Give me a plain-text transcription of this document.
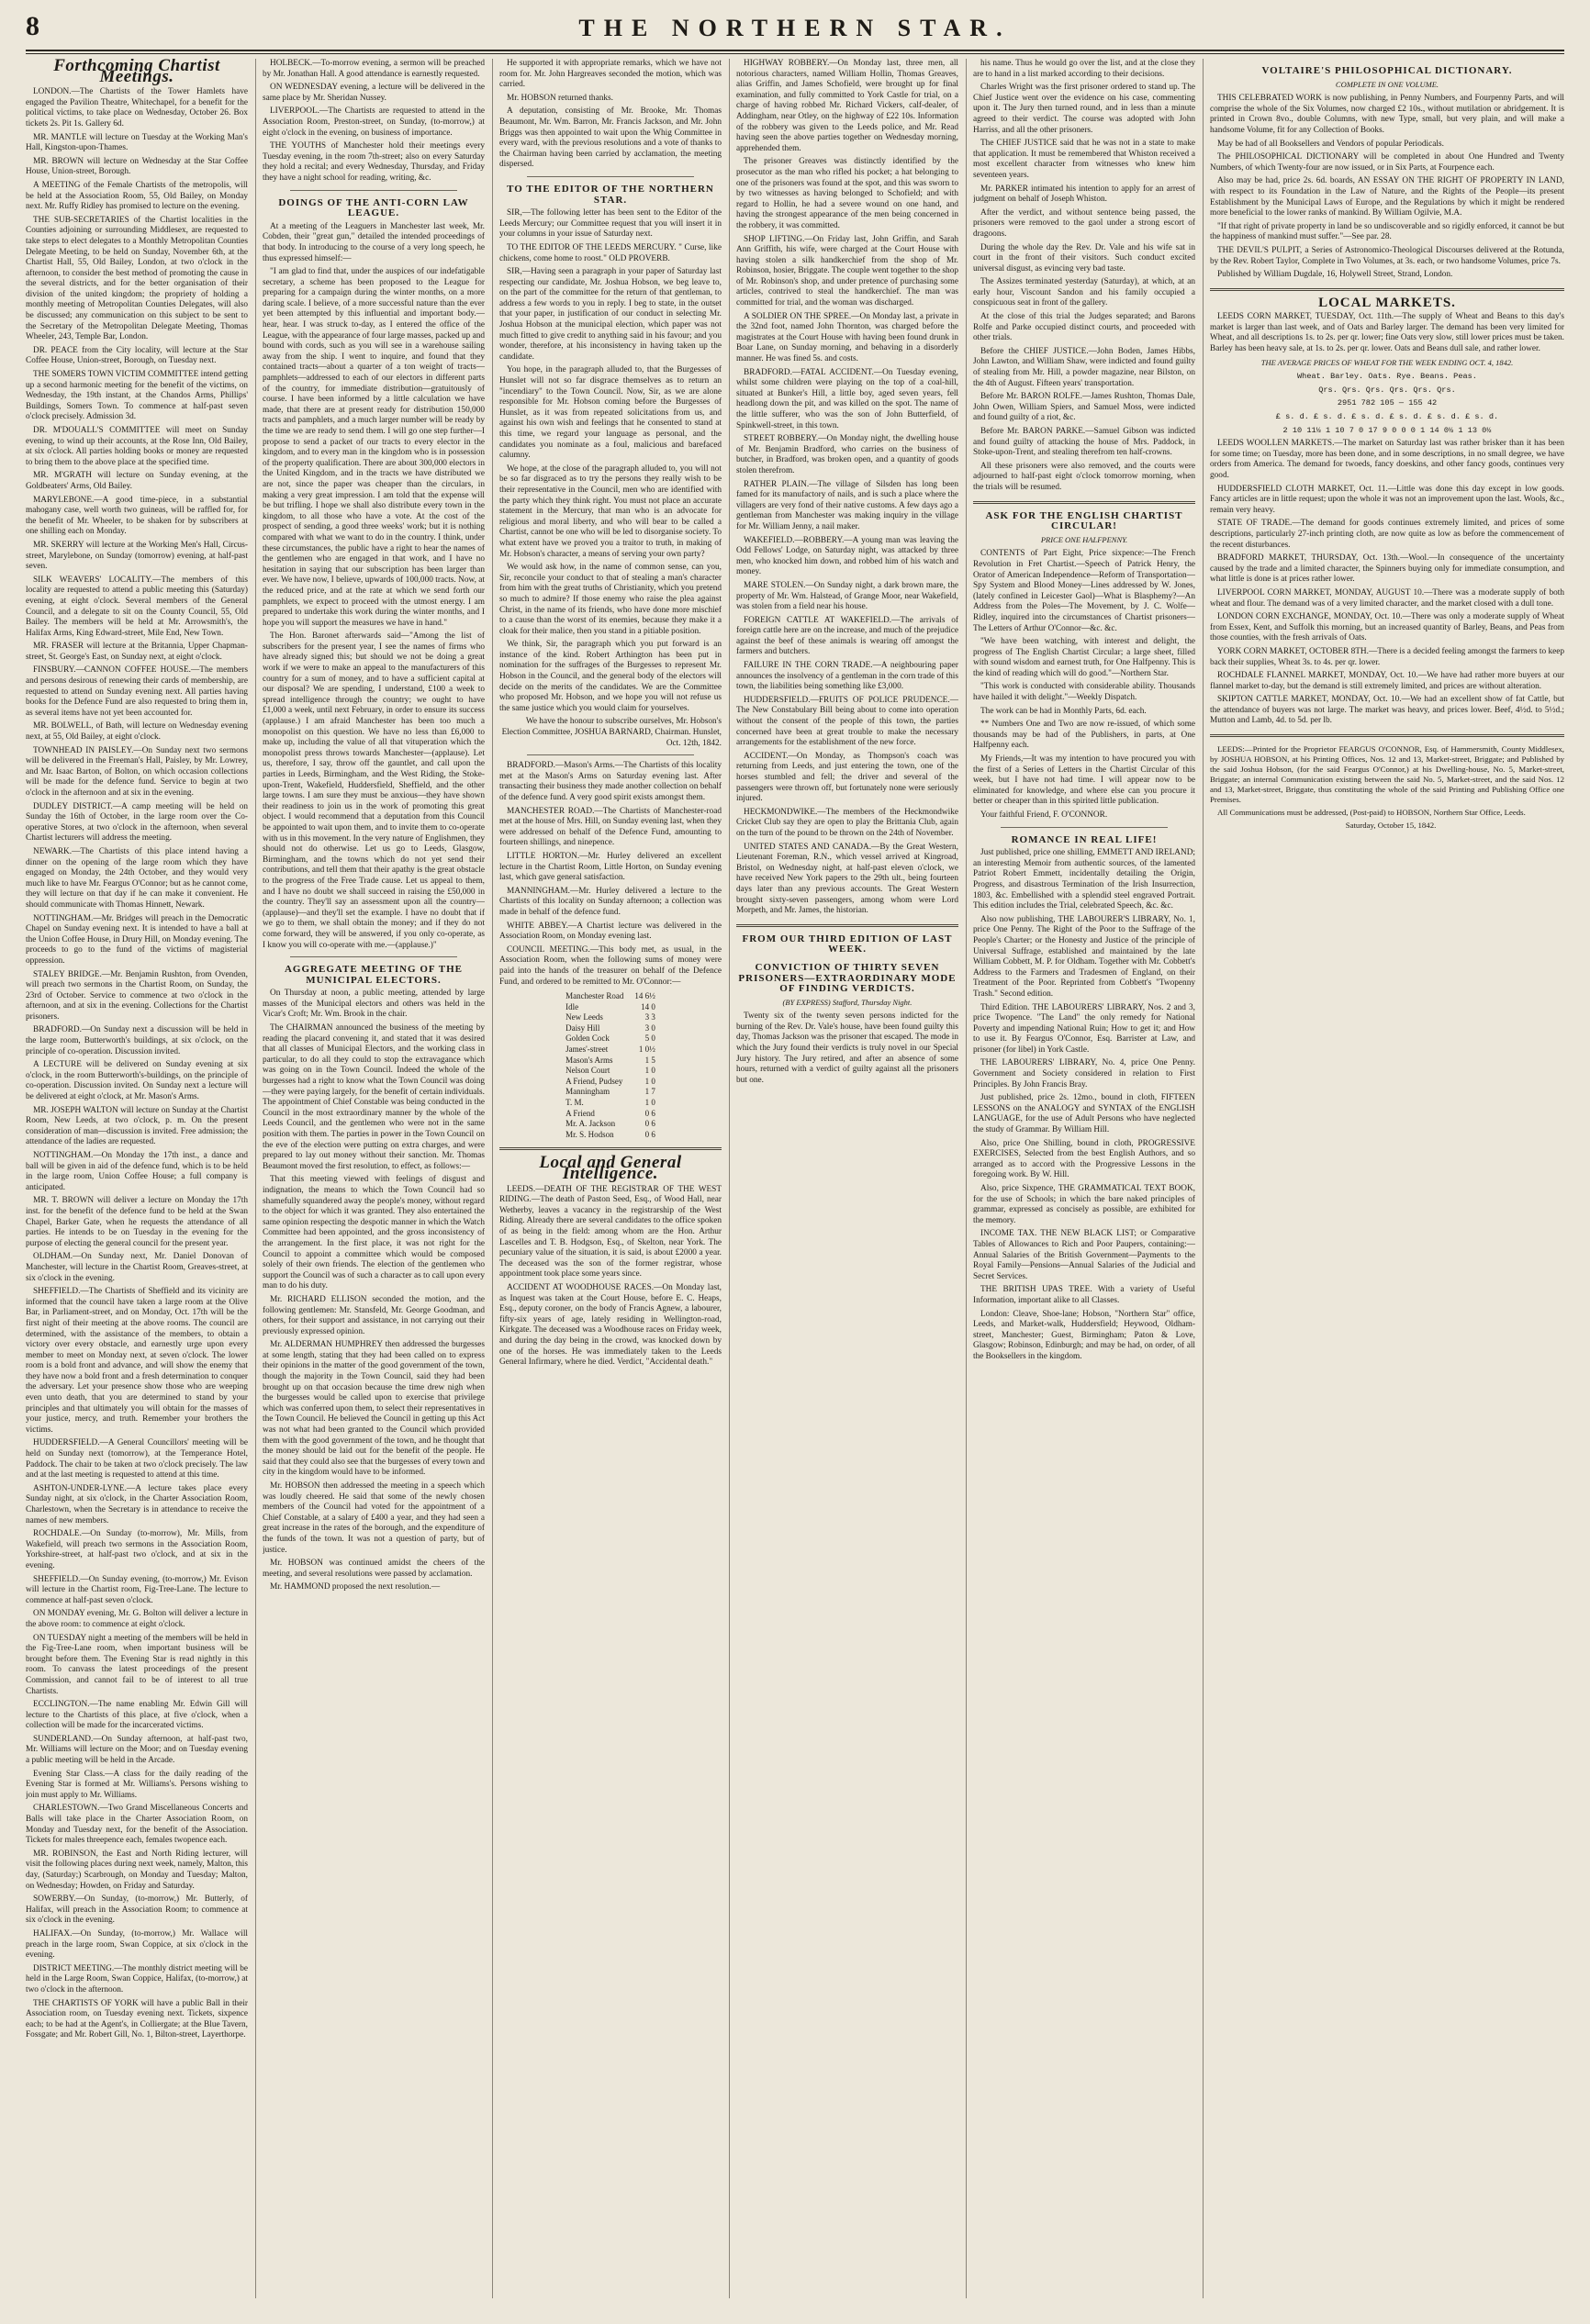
8	THE NORTHERN STAR.
Forthcoming Chartist Meetings.

LONDON.—The Chartists of the Tower Hamlets have engaged the Pavilion Theatre, Whitechapel, for a benefit for the political victims, to take place on Wednesday, October 26. Box tickets 2s. Pit 1s. Gallery 6d.

MR. MANTLE will lecture on Tuesday at the Working Man's Hall, Kingston-upon-Thames.

MR. BROWN will lecture on Wednesday at the Star Coffee House, Union-street, Borough.

A MEETING of the Female Chartists of the metropolis, will be held at the Association Room, 55, Old Bailey, on Monday next. Mr. Ruffy Ridley has promised to lecture on the evening.

THE SUB-SECRETARIES of the Chartist localities in the Counties adjoining or surrounding Middlesex, are requested to take steps to elect delegates to a Monthly Metropolitan Counties Delegate Meeting, to be held on Sunday, November 6th, at the Chartist Hall, 55, Old Bailey, London, at two o'clock in the afternoon, to consider the best method of promoting the cause in the several districts, and for the better organisation of their division of the united kingdom; the propriety of holding a monthly meeting of Metropolitan Counties Delegates, will also be discussed; any communication on this subject to be sent to the Secretary of the Metropolitan Delegate Meeting, Thomas Wheeler, 243, Temple Bar, London.

DR. PEACE from the City locality, will lecture at the Star Coffee House, Union-street, Borough, on Tuesday next.

THE SOMERS TOWN VICTIM COMMITTEE intend getting up a second harmonic meeting for the benefit of the victims, on Wednesday, the 19th instant, at the Chandos Arms, Phillips' Buildings, Somers Town. To commence at half-past seven o'clock precisely. Admission 3d.

DR. M'DOUALL'S COMMITTEE will meet on Sunday evening, to wind up their accounts, at the Rose Inn, Old Bailey, at six o'clock. All parties holding books or money are requested to bring them to the above place at the specified time.

MR. M'GRATH will lecture on Sunday evening, at the Goldbeaters' Arms, Old Bailey.

MARYLEBONE.—A good time-piece, in a substantial mahogany case, well worth two guineas, will be raffled for, for the benefit of Mr. Wheeler, to be shaken for by subscribers at one shilling each on Monday.

MR. SKERRY will lecture at the Working Men's Hall, Circus-street, Marylebone, on Sunday (tomorrow) evening, at half-past seven.

SILK WEAVERS' LOCALITY.—The members of this locality are requested to attend a public meeting this (Saturday) evening, at eight o'clock. Several members of the General Council, and a delegate to sit on the County Council, 55, Old Bailey. The members will be held at Mr. Arrowsmith's, the Halifax Arms, King Edward-street, Mile End, New Town.

MR. FRASER will lecture at the Britannia, Upper Chapman-street, St. George's East, on Sunday next, at eight o'clock.

FINSBURY.—CANNON COFFEE HOUSE.—The members and persons desirous of renewing their cards of membership, are requested to attend on Sunday evening next. All parties having books for the Defence Fund are also requested to bring them in, as several items have not yet been accounted for.

MR. BOLWELL, of Bath, will lecture on Wednesday evening next, at 55, Old Bailey, at eight o'clock.

TOWNHEAD IN PAISLEY.—On Sunday next two sermons will be delivered in the Freeman's Hall, Paisley, by Mr. Lowrey, and Mr. Isaac Barton, of Bolton, on which occasion collections will be made for the defence fund. Service to begin at two o'clock in the afternoon and at six in the evening.

DUDLEY DISTRICT.—A camp meeting will be held on Sunday the 16th of October, in the large room over the Co-operative Stores, at two o'clock in the afternoon, when several Chartist lecturers will address the meeting.

NEWARK.—The Chartists of this place intend having a dinner on the opening of the large room which they have engaged on Monday, the 24th October, and they would very much like to have Mr. Feargus O'Connor; but as he cannot come, they will lecture on that day if he can make it convenient. He should communicate with Thomas Hinnett, Newark.

NOTTINGHAM.—Mr. Bridges will preach in the Democratic Chapel on Sunday evening next. It is intended to have a ball at the Union Coffee House, in Drury Hill, on Monday evening. The proceeds to go to the fund of the victims of magisterial oppression.

STALEY BRIDGE.—Mr. Benjamin Rushton, from Ovenden, will preach two sermons in the Chartist Room, on Sunday, the 23rd of October. Service to commence at two o'clock in the afternoon, and at six in the evening. Collections for the Chartist prisoners.

BRADFORD.—On Sunday next a discussion will be held in the large room, Butterworth's buildings, at six o'clock, on the principle of co-operation. Discussion invited.

A LECTURE will be delivered on Sunday evening at six o'clock, in the room Butterworth's-buildings, on the principle of co-operation. Discussion invited. On Sunday next a lecture will be delivered at eight o'clock, at Mr. Mason's Arms.

MR. JOSEPH WALTON will lecture on Sunday at the Chartist Room, New Leeds, at two o'clock, p. m. On the present consideration of man—discussion is invited. Free admission; the attendance of the ladies are requested.

NOTTINGHAM.—On Monday the 17th inst., a dance and ball will be given in aid of the defence fund, which is to be held in the large room, Union Coffee House; a full company is anticipated.

MR. T. BROWN will deliver a lecture on Monday the 17th inst. for the benefit of the defence fund to be held at the Swan Chapel, Barker Gate, when he requests the attendance of all parties. He intends to be on Tuesday in the evening for the purpose of electing the general council for the present year.

OLDHAM.—On Sunday next, Mr. Daniel Donovan of Manchester, will lecture in the Chartist Room, Greaves-street, at six o'clock in the evening.

SHEFFIELD.—The Chartists of Sheffield and its vicinity are informed that the council have taken a large room at the Olive Bar, in Parliament-street, and on Monday, Oct. 17th will be the first night of their meeting at the above rooms. The council are determined, with the assistance of the members, to obtain a victory over every obstacle, and earnestly urge upon every member to meet on Monday next, at seven o'clock. The lower room is a bold front and advance, and will show the enemy that they have now a bold front and a fresh determination to conquer the adversary. Let your presence show those who are weeping even unto death, that you are determined to stand by your principles and that ultimately you will obtain for the masses of your justice, mercy, and truth. Remember your brothers the victims.

HUDDERSFIELD.—A General Councillors' meeting will be held on Sunday next (tomorrow), at the Temperance Hotel, Paddock. The chair to be taken at two o'clock precisely. The law and at the last meeting is requested to attend at this time.

ASHTON-UNDER-LYNE.—A lecture takes place every Sunday night, at six o'clock, in the Charter Association Room, Charlestown, when the Secretary is in attendance to receive the names of new members.

ROCHDALE.—On Sunday (to-morrow), Mr. Mills, from Wakefield, will preach two sermons in the Association Room, Yorkshire-street, at half-past two o'clock, and at six in the evening.

SHEFFIELD.—On Sunday evening, (to-morrow,) Mr. Evison will lecture in the Chartist room, Fig-Tree-Lane. The lecture to commence at half-past seven o'clock.

ON MONDAY evening, Mr. G. Bolton will deliver a lecture in the above room: to commence at eight o'clock.

ON TUESDAY night a meeting of the members will be held in the Fig-Tree-Lane room, when important business will be brought before them. The Evening Star is read nightly in this room. To canvass the latest proceedings of the present Commission, and cannot fail to be of interest to all true Chartists.

ECCLINGTON.—The name enabling Mr. Edwin Gill will lecture to the Chartists of this place, at five o'clock, when a collection will be made for the incarcerated victims.

SUNDERLAND.—On Sunday afternoon, at half-past two, Mr. Williams will lecture on the Moor; and on Tuesday evening a public meeting will be held in the Arcade.

Evening Star Class.—A class for the daily reading of the Evening Star is formed at Mr. Williams's. Persons wishing to join must apply to Mr. Williams.

CHARLESTOWN.—Two Grand Miscellaneous Concerts and Balls will take place in the Charter Association Room, on Monday and Tuesday next, for the benefit of the Association. Tickets for males threepence each, females twopence each.

MR. ROBINSON, the East and North Riding lecturer, will visit the following places during next week, namely, Malton, this day, (Saturday;) Scarbrough, on Monday and Tuesday; Malton, on Wednesday; Howden, on Friday and Saturday.

SOWERBY.—On Sunday, (to-morrow,) Mr. Butterly, of Halifax, will preach in the Association Room; to commence at six o'clock in the evening.

HALIFAX.—On Sunday, (to-morrow,) Mr. Wallace will preach in the large room, Swan Coppice, at six o'clock in the evening.

DISTRICT MEETING.—The monthly district meeting will be held in the Large Room, Swan Coppice, Halifax, (to-morrow,) at two o'clock in the afternoon.

THE CHARTISTS OF YORK will have a public Ball in their Association room, on Tuesday evening next. Tickets, sixpence each; to be had at the Agent's, in Colliergate; at the Blue Tavern, Fossgate; and Mr. Robert Gill, No. 1, Bilton-street, Layerthorpe.

HOLBECK.—To-morrow evening, a sermon will be preached by Mr. Jonathan Hall. A good attendance is earnestly requested.

ON WEDNESDAY evening, a lecture will be delivered in the same place by Mr. Sheridan Nussey.

LIVERPOOL.—The Chartists are requested to attend in the Association Room, Preston-street, on Sunday, (to-morrow,) at eight o'clock in the evening, on business of importance.

THE YOUTHS of Manchester hold their meetings every Tuesday evening, in the room 7th-street; also on every Saturday they hold a recital; and every Wednesday, Thursday, and Friday they have a night school for reading, writing, &c.

DOINGS OF THE ANTI-CORN LAW LEAGUE.

At a meeting of the Leaguers in Manchester last week, Mr. Cobden, their "great gun," detailed the intended proceedings of that body. In introducing to the course of a very long speech, he thus expressed himself:—

"I am glad to find that, under the auspices of our indefatigable secretary, a scheme has been proposed to the League for preparing for a campaign during the winter months, on a more daring scale. I believe, of a more successful nature than the ever yet been attempted by this influential and important body.—hear, hear. I was struck to-day, as I entered the office of the League, with the appearance of four large masses, packed up and bound with cords, such as you will see in a warehouse sailing away from the ship. I went to inquire, and found that they contained tracts—about a quarter of a ton weight of tracts—pamphlets—addressed to each of our electors in different parts of the country, for immediate distribution—gratuitously of course. I have been informed by a little calculation we have made, that there are at present ready for distribution 150,000 tracts and pamphlets, and a much larger number will be ready by the time we are ready to send them. I will go one step further—I propose to send a packet of our tracts to every elector in the kingdom, and to every man in the kingdom who is in possession of the property qualification. There are about 300,000 electors in the United Kingdom, and in the tracts we have distributed we are not, since the paper was cheaper than the circulars, in making a very great impression. I am told that the expense will be but trifling. I hope we shall also distribute every town in the kingdom, to all those who have a vote. At the cost of the prospect of sending, a good three weeks' work; but it is nothing compared with what we want to do in the country. I think, under these circumstances, the public have a right to hear the names of the gentlemen who are engaged in that work, and I have no hesitation in saying that our subscription has been larger than ever. We have now, I believe, upwards of 100,000 tracts. Now, at the reduced price, and at the rate at which we send forth our pamphlets, we expect to proceed with the utmost energy. I am prepared to undertake this work during the winter months, and I hope you will support the measures we have in hand."

The Hon. Baronet afterwards said—"Among the list of subscribers for the present year, I see the names of firms who have already signed this; but should we not be doing a great work if we were to make an appeal to the manufacturers of this country for a sum of money, and to have a sufficient capital at our disposal? We are spending, I understand, £100 a week to spread intelligence through the country; we ought to have £1,000 a week, until next February, in order to ensure its success (applause.) I am afraid Manchester has been too much a monopolist on this question. We have no less than £6,000 to make up, including the value of all that vituperation which the monopolist press throws towards Manchester—(applause). Let us, therefore, I say, throw off the gauntlet, and call upon the parties in Leeds, Birmingham, and the West Riding, the Stoke-upon-Trent, Wakefield, Huddersfield, Sheffield, and the other large towns. I am sure they must be anxious—they have shown their readiness to join us in the work of promoting this great object. I would recommend that a deputation from this Council be appointed to wait upon them, and to invite them to co-operate with us in this movement. In the very nature of Englishmen, they should not do otherwise. Let us go to Leeds, Glasgow, Birmingham, and the towns which do not yet send their contributions, and tell them that their apathy is the great obstacle to the progress of the Free Trade cause. Let us appeal to them, and I have no doubt we shall succeed in raising the £50,000 in the country. They'll say an assessment upon all the country—(applause)—and they'll set the example. I have no doubt that if we go to them, we shall obtain the money; and if they do not come forward, they will be answered, if you only co-operate, as I know you will co-operate with me.—(applause.)"

AGGREGATE MEETING OF THE MUNICIPAL ELECTORS.

On Thursday at noon, a public meeting, attended by large masses of the Municipal electors and others was held in the Vicar's Croft; Mr. Wm. Brook in the chair.

The CHAIRMAN announced the business of the meeting by reading the placard convening it, and stated that it was desired that all classes of Municipal Electors, and the working class in particular, to do all they could to stop the extravagance which was going on in the Town Council. Indeed the whole of the burgesses had a right to know what the Town Council was doing—they were paying largely, for the benefit of certain individuals. The appointment of Chief Constable was being conducted in the Council in the most extraordinary manner by the whole of the Leeds Council, and the gentlemen who were not in the same position with them. The parties in power in the Town Council on the eve of the election were putting on extra charges, and were prepared to lay out money without their sanction. Mr. Thomas Beaumont moved the first resolution, to effect, as follows:—

That this meeting viewed with feelings of disgust and indignation, the means to which the Town Council had so shamefully squandered away the people's money, without regard to the object for which it was granted. They also entertained the same opinion respecting the despotic manner in which the Watch Committee had been appointed, and the gross inconsistency of the arrangement. In the first place, it was not right for the Council to appoint a committee which would be composed solely of their own friends. The election of the gentlemen who support the Council was of such a character as to call upon every man to do his duty.

Mr. RICHARD ELLISON seconded the motion, and the following gentlemen: Mr. Stansfeld, Mr. George Goodman, and others, for their support and assistance, in not carrying out their previously expressed opinion.

Mr. ALDERMAN HUMPHREY then addressed the burgesses at some length, stating that they had been called on to express their opinions in the matter of the good government of the town, though the majority in the Town Council, said they had been brought up on that occasion because the time drew nigh when the burgesses would be called upon to exercise that privilege which was conferred upon them, to select their representatives in the Town Council. He believed the Council in getting up this Act was not what had been granted to the Council which provided them with the good government of the town, and he thought that the money should be laid out for the benefit of the people. He said that they could also see that the burgesses of every town and city in the kingdom would have to be informed.

Mr. HOBSON then addressed the meeting in a speech which was loudly cheered. He said that some of the newly chosen members of the Council had voted for the appointment of a Chief Constable, at a salary of £400 a year, and they had seen a great increase in the rates of the borough, and the expenditure of the funds of the town. It was not a question of party, but of justice.

Mr. HOBSON was continued amidst the cheers of the meeting, and several resolutions were passed by acclamation.

Mr. HAMMOND proposed the next resolution.—

He supported it with appropriate remarks, which we have not room for. Mr. John Hargreaves seconded the motion, which was carried.

Mr. HOBSON returned thanks.

A deputation, consisting of Mr. Brooke, Mr. Thomas Beaumont, Mr. Wm. Barron, Mr. Francis Jackson, and Mr. John Briggs was then appointed to wait upon the Whig Committee in every ward, with the previous resolutions and a vote of thanks to the Chairman having been carried by acclamation, the meeting dispersed.

TO THE EDITOR OF THE NORTHERN STAR.

SIR,—The following letter has been sent to the Editor of the Leeds Mercury; our Committee request that you will insert it in your columns in your issue of Saturday next.

TO THE EDITOR OF THE LEEDS MERCURY. " Curse, like chickens, come home to roost." OLD PROVERB.

SIR,—Having seen a paragraph in your paper of Saturday last respecting our candidate, Mr. Joshua Hobson, we beg leave to, on the part of the committee for the return of that gentleman, to address a few words to you in reply. I beg to state, in the outset that your paper, in justification of our conduct in selecting Mr. Joshua Hobson at the municipal election, which paper was not much fitted to give credit to anything said in his favour; and you wonder, therefore, at his inconsistency in having taken up the candidate.

You hope, in the paragraph alluded to, that the Burgesses of Hunslet will not so far disgrace themselves as to return an "incendiary" to the Town Council. Now, Sir, as we are alone responsible for Mr. Hobson coming before the Burgesses of Hunslet, as it was from repeated solicitations from us, and against his own wish and feelings that he consented to stand at this time, we regard your language as personal, and the candidates you nominate as a foul, malicious and barefaced calumny.

We hope, at the close of the paragraph alluded to, you will not be so far disgraced as to try the persons they really wish to be their representative in the Council, men who are identified with the party which they think right. You must not place an accurate statement in the Mercury, that man who is an advocate for religious and moral liberty, and who will bear to be called a Chartist, cannot be one who will be led to disorganise society. To what extent have we proved you a traitor to truth, in making of Mr. Hobson's character, a means of serving your own party?

We would ask how, in the name of common sense, can you, Sir, reconcile your conduct to that of stealing a man's character from him with the great truths of Christianity, which you pretend so much to admire? If those enemy who raise the plea against Christ, in the name of its friends, who have done more mischief to a cause than the worst of its enemies, because they make it a cloak for their malice, then you stand in a pitiable position.

We think, Sir, the paragraph which you put forward is an instance of the kind. Robert Arthington has been put in nomination for the suffrages of the Burgesses to represent Mr. Hobson in the Council, and the general body of the electors will decide on the merits of the candidates. We are the Committee who proposed Mr. Hobson, and we hope you will not refuse us the same justice which you would claim for yourselves.

We have the honour to subscribe ourselves, Mr. Hobson's Election Committee, JOSHUA BARNARD, Chairman. Hunslet, Oct. 12th, 1842.

BRADFORD.—Mason's Arms.—The Chartists of this locality met at the Mason's Arms on Saturday evening last. After transacting their business they made another collection on behalf of the defence fund. A very good spirit exists amongst them.

MANCHESTER ROAD.—The Chartists of Manchester-road met at the house of Mrs. Hill, on Sunday evening last, when they were addressed on behalf of the Defence Fund, amounting to fourteen shillings, and ninepence.

LITTLE HORTON.—Mr. Hurley delivered an excellent lecture in the Chartist Room, Little Horton, on Sunday evening last, which gave general satisfaction.

MANNINGHAM.—Mr. Hurley delivered a lecture to the Chartists of this locality on Sunday afternoon; a collection was made in behalf of the defence fund.

WHITE ABBEY.—A Chartist lecture was delivered in the Association Room, on Monday evening last.

COUNCIL MEETING.—This body met, as usual, in the Association Room, when the following sums of money were paid into the hands of the treasurer on behalf of the Defence Fund, and ordered to be remitted to Mr. O'Connor:—

Manchester Road	14 6½
Idle	14 0
New Leeds	3 3
Daisy Hill	3 0
Golden Cock	5 0
James'-street	1 0½
Mason's Arms	1 5
Nelson Court	1 0
A Friend, Pudsey	1 0
Manningham	1 7
T. M.	1 0
A Friend	0 6
Mr. A. Jackson	0 6
Mr. S. Hodson	0 6
Local and General Intelligence.

LEEDS.—DEATH OF THE REGISTRAR OF THE WEST RIDING.—The death of Paston Seed, Esq., of Wood Hall, near Wetherby, leaves a vacancy in the registrarship of the West Riding. Already there are several candidates to the office spoken of as being in the field: among whom are the Hon. Arthur Lascelles and T. B. Hodgson, Esq., of Skelton, near York. The pecuniary value of the situation, it is said, is about £2000 a year. The deceased was the son of the former registrar, whose appointment took place some years since.

ACCIDENT AT WOODHOUSE RACES.—On Monday last, as Inquest was taken at the Court House, before E. C. Heaps, Esq., deputy coroner, on the body of Francis Agnew, a labourer, fifty-six years of age, lately residing in Wellington-road, Kirkgate. The deceased was a Woodhouse races on Friday week, and during the day being in the crowd, was knocked down by one of the horses. He was immediately taken to the Leeds General Infirmary, where he died. Verdict, "Accidental death."

HIGHWAY ROBBERY.—On Monday last, three men, all notorious characters, named William Hollin, Thomas Greaves, alias Griffin, and James Schofield, were brought up for final examination, and fully committed to York Castle for trial, on a charge of having robbed Mr. Richard Vickers, calf-dealer, of Addingham, near Otley, on the highway of £22 10s. Information of the robbery was given to the Leeds police, and Mr. Read having seen the above parties together on Wednesday morning, apprehended them.

The prisoner Greaves was distinctly identified by the prosecutor as the man who rifled his pocket; a hat belonging to one of the prisoners was found at the spot, and this was sworn to by two witnesses as having belonged to Schofield; and with regard to Hollin, he had a severe wound on one hand, and having the strongest appearance of the men being concerned in the robbery, it was committed.

SHOP LIFTING.—On Friday last, John Griffin, and Sarah Ann Griffith, his wife, were charged at the Court House with having stolen a silk handkerchief from the shop of Mr. Robinson, hosier, Briggate. The couple went together to the shop of Mr. Robinson's shop, and under pretence of purchasing some articles, contrived to steal the handkerchief. The man was committed for trial, and the woman was discharged.

A SOLDIER ON THE SPREE.—On Monday last, a private in the 32nd foot, named John Thornton, was charged before the magistrates at the Court House with having been found drunk in Boar Lane, on Sunday morning, and behaving in a disorderly manner. He was fined 5s. and costs.

BRADFORD.—FATAL ACCIDENT.—On Tuesday evening, whilst some children were playing on the top of a coal-hill, situated at Bunker's Hill, a little boy, aged seven years, fell headlong down the pit, and was killed on the spot. The name of the little sufferer, who was the son of John Butterfield, of Spinkwell-street, in this town.

STREET ROBBERY.—On Monday night, the dwelling house of Mr. Benjamin Bradford, who carries on the business of butcher, in Bradford, was broken open, and a quantity of goods stolen therefrom.

RATHER PLAIN.—The village of Silsden has long been famed for its manufactory of nails, and is such a place where the villagers are very fond of their native customs. A few days ago a gentleman from Manchester was making inquiry in the village for Mr. William Jenny, a nail maker.

WAKEFIELD.—ROBBERY.—A young man was leaving the Odd Fellows' Lodge, on Saturday night, was attacked by three men, who knocked him down, and robbed him of his watch and money.

MARE STOLEN.—On Sunday night, a dark brown mare, the property of Mr. Wm. Halstead, of Grange Moor, near Wakefield, was stolen from a field near his house.

FOREIGN CATTLE AT WAKEFIELD.—The arrivals of foreign cattle here are on the increase, and much of the prejudice against the beef of these animals is wearing off amongst the farmers and butchers.

FAILURE IN THE CORN TRADE.—A neighbouring paper announces the insolvency of a gentleman in the corn trade of this town, the liabilities being something like £3,000.

HUDDERSFIELD.—FRUITS OF POLICE PRUDENCE.—The New Constabulary Bill being about to come into operation without the consent of the people of this town, the parties concerned have been at great trouble to make the necessary arrangements for the establishment of the new force.

ACCIDENT.—On Monday, as Thompson's coach was returning from Leeds, and just entering the town, one of the horses stumbled and fell; the driver and several of the passengers were thrown off, but fortunately none were seriously injured.

HECKMONDWIKE.—The members of the Heckmondwike Cricket Club say they are open to play the Brittania Club, again on the turn of the pound to be thrown on the 24th of November.

UNITED STATES AND CANADA.—By the Great Western, Lieutenant Foreman, R.N., which vessel arrived at Kingroad, Bristol, on Wednesday night, at half-past eleven o'clock, we have received New York papers to the 29th ult., being fourteen days later than any previous accounts. The Great Western brought sixty-seven passengers, among whom were Lord Morpeth, and Mr. James, the historian.

FROM OUR THIRD EDITION OF LAST WEEK.
CONVICTION OF THIRTY SEVEN PRISONERS—EXTRAORDINARY MODE OF FINDING VERDICTS.
(BY EXPRESS) Stafford, Thursday Night.

Twenty six of the twenty seven persons indicted for the burning of the Rev. Dr. Vale's house, have been found guilty this day, Thomas Jackson was the prisoner that escaped. The mode in which the Jury found their verdicts is truly novel in our Special Jury history. The Jury retired, and after an absence of some hours, returned with a verdict of guilty against all the prisoners but one.

his name. Thus he would go over the list, and at the close they are to hand in a list marked according to their decisions.

Charles Wright was the first prisoner ordered to stand up. The Chief Justice went over the evidence on his case, commenting upon it. The Jury then turned round, and in less than a minute agreed to their verdict. The course was adopted with John Harriss, and all the other prisoners.

The CHIEF JUSTICE said that he was not in a state to make that application. It must be remembered that Whiston received a most excellent character from witnesses who knew him seventeen years.

Mr. PARKER intimated his intention to apply for an arrest of judgment on behalf of Joseph Whiston.

After the verdict, and without sentence being passed, the prisoners were removed to the gaol under a strong escort of dragoons.

During the whole day the Rev. Dr. Vale and his wife sat in court in the front of their visitors. Such conduct excited universal disgust, as evincing very bad taste.

The Assizes terminated yesterday (Saturday), at which, at an early hour, Viscount Sandon and his family occupied a conspicuous seat in front of the gallery.

At the close of this trial the Judges separated; and Barons Rolfe and Parke occupied distinct courts, and proceeded with other trials.

Before the CHIEF JUSTICE.—John Boden, James Hibbs, John Lawton, and William Shaw, were indicted and found guilty of stealing from Mr. Hill, a powder magazine, near Bilston, on the 4th of August. Fifteen years' transportation.

Before Mr. BARON ROLFE.—James Rushton, Thomas Dale, John Owen, William Spiers, and Samuel Moss, were indicted and found guilty of a riot, &c.

Before Mr. BARON PARKE.—Samuel Gibson was indicted and found guilty of attacking the house of Mrs. Paddock, in Stoke-upon-Trent, and stealing therefrom ten half-crowns.

All these prisoners were also removed, and the courts were adjourned to half-past eight o'clock tomorrow morning, when the trials will be resumed.

ASK FOR THE ENGLISH CHARTIST CIRCULAR!
PRICE ONE HALFPENNY.

CONTENTS of Part Eight, Price sixpence:—The French Revolution in Fret Chartist.—Speech of Patrick Henry, the Orator of American Independence—Reform of Transportation—Spy System and Blood Money—Lines addressed by W. Jones, (lately confined in Leicester Gaol)—What is Blasphemy?—An Address from the Poles—The Movement, by J. C. Wolfe—Ridley, inquired into the circumstances of Chartist prisoners—The Letters of Arthur O'Connor—&c. &c.

"We have been watching, with interest and delight, the progress of The English Chartist Circular; a large sheet, filled with sound wisdom and earnest truth, for One Halfpenny. This is the kind of reading which will do good."—Northern Star.

"This work is conducted with considerable ability. Thousands have hailed it with delight."—Weekly Dispatch.

The work can be had in Monthly Parts, 6d. each.

** Numbers One and Two are now re-issued, of which some thousands may be had of the Publishers, in parts, at One Halfpenny each.

My Friends,—It was my intention to have procured you with the first of a Series of Letters in the Chartist Circular of this week, but I have not had time. I will appear now to be eliminated for knowledge, and where else can you procure it better or cheaper than in this spirited little publication.

Your faithful Friend, F. O'CONNOR.

ROMANCE IN REAL LIFE!

Just published, price one shilling, EMMETT AND IRELAND; an interesting Memoir from authentic sources, of the lamented Patriot Robert Emmett, incidentally detailing the Origin, Progress, and disastrous Termination of the Irish Insurrection, 1803, &c. Embellished with a splendid steel engraved Portrait. This edition includes the Trial, celebrated Speech, &c. &c.

Also now publishing, THE LABOURER'S LIBRARY, No. 1, price One Penny. The Right of the Poor to the Suffrage of the People's Charter; or the Honesty and Justice of the principle of Universal Suffrage, established and maintained by the late William Cobbett, M. P. for Oldham. Together with Mr. Cobbett's Address to the Farmers and Tradesmen of England, on their Treatment of the Poor. Reprinted from Cobbett's "Twopenny Trash." Second edition.

Third Edition. THE LABOURERS' LIBRARY, Nos. 2 and 3, price Twopence. "The Land" the only remedy for National Poverty and impending National Ruin; How to get it; and How to use it. By Feargus O'Connor, Esq. Barrister at Law, and prisoner (for libel) in York Castle.

THE LABOURERS' LIBRARY, No. 4, price One Penny. Government and Society considered in relation to First Principles. By John Francis Bray.

Just published, price 2s. 12mo., bound in cloth, FIFTEEN LESSONS on the ANALOGY and SYNTAX of the ENGLISH LANGUAGE, for the use of Adult Persons who have neglected the study of Grammar. By William Hill.

Also, price One Shilling, bound in cloth, PROGRESSIVE EXERCISES, Selected from the best English Authors, and so arranged as to accord with the Progressive Lessons in the foregoing work. By W. Hill.

Also, price Sixpence, THE GRAMMATICAL TEXT BOOK, for the use of Schools; in which the bare naked principles of grammar, expressed as concisely as possible, are exhibited for the memory.

INCOME TAX. THE NEW BLACK LIST; or Comparative Tables of Allowances to Rich and Poor Paupers, containing:—Annual Salaries of the British Government—Payments to the Royal Family—Pensions—Annual Salaries of the Judicial and Secret Services.

THE BRITISH UPAS TREE. With a variety of Useful Information, important alike to all Classes.

London: Cleave, Shoe-lane; Hobson, "Northern Star" office, Leeds, and Market-walk, Huddersfield; Heywood, Oldham-street, Manchester; Guest, Birmingham; Paton & Love, Glasgow; Robinson, Edinburgh; and may be had, on order, of all the Booksellers in the kingdom.

VOLTAIRE'S PHILOSOPHICAL DICTIONARY.
COMPLETE IN ONE VOLUME.

THIS CELEBRATED WORK is now publishing, in Penny Numbers, and Fourpenny Parts, and will comprise the whole of the Six Volumes, now charged £2 10s., without mutilation or abridgement. It is printed in Crown 8vo., double Columns, with new Type, small, but very plain, and will make a handsome Volume, fit for any Collection of Books.

May be had of all Booksellers and Vendors of popular Periodicals.

The PHILOSOPHICAL DICTIONARY will be completed in about One Hundred and Twenty Numbers, of which Twenty-four are now issued, or in Six Parts, at Fourpence each.

Also may be had, price 2s. 6d. boards, AN ESSAY ON THE RIGHT OF PROPERTY IN LAND, with respect to its Foundation in the Law of Nature, and the Rights of the People—its present Establishment by the Municipal Laws of Europe, and the Regulations by which it might be rendered more beneficial to the lower ranks of mankind. By William Ogilvie, M.A.

"If that right of private property in land be so undiscoverable and so rigidly enforced, it cannot be but the happiness of mankind must suffer."—See par. 28.

THE DEVIL'S PULPIT, a Series of Astronomico-Theological Discourses delivered at the Rotunda, by the Rev. Robert Taylor, Complete in Two Volumes, at 3s. each, or two handsome Volumes, price 7s.

Published by William Dugdale, 16, Holywell Street, Strand, London.

LOCAL MARKETS.

LEEDS CORN MARKET, TUESDAY, Oct. 11th.—The supply of Wheat and Beans to this day's market is larger than last week, and of Oats and Barley larger. The demand has been very limited for Wheat, and all descriptions 1s. to 2s. per qr. lower; fine Oats very slow, still lower prices must be taken. Barley has been heavy sale, at 1s. to 2s. per qr. lower. Oats and Beans dull sale, and rather lower.

THE AVERAGE PRICES OF WHEAT FOR THE WEEK ENDING OCT. 4, 1842.
Wheat. Barley. Oats. Rye. Beans. Peas.
Qrs. Qrs. Qrs. Qrs. Qrs. Qrs.
2951 782 105 — 155 42
£ s. d. £ s. d. £ s. d. £ s. d. £ s. d. £ s. d.
2 10 11½ 1 10 7 0 17 9 0 0 0 1 14 0½ 1 13 0½

LEEDS WOOLLEN MARKETS.—The market on Saturday last was rather brisker than it has been for some time; on Tuesday, more has been done, and in some descriptions, in no small degree, we have orders from America. The demand for twoeds, fancy doeskins, and other fancy goods, continues very good.

HUDDERSFIELD CLOTH MARKET, Oct. 11.—Little was done this day except in low goods. Fancy articles are in little request; upon the whole it was not an improvement upon the last. Wools, &c., remain very heavy.

STATE OF TRADE.—The demand for goods continues extremely limited, and prices of some descriptions, particularly 27-inch printing cloth, are now quite as low as before the commencement of the recent disturbances.

BRADFORD MARKET, THURSDAY, Oct. 13th.—Wool.—In consequence of the uncertainty caused by the trade and a limited character, the Spinners buying only for immediate consumption, and what little is done is at prices rather lower.

LIVERPOOL CORN MARKET, MONDAY, AUGUST 10.—There was a moderate supply of both wheat and flour. The demand was of a very limited character, and the market closed with a dull tone.

LONDON CORN EXCHANGE, MONDAY, Oct. 10.—There was only a moderate supply of Wheat from Essex, Kent, and Suffolk this morning, but an increased quantity of Barley, Beans, and Peas from those counties, with the fresh arrivals of Oats.

YORK CORN MARKET, OCTOBER 8TH.—There is a decided feeling amongst the farmers to keep back their supplies, Wheat 3s. to 4s. per qr. lower.

ROCHDALE FLANNEL MARKET, MONDAY, Oct. 10.—We have had rather more buyers at our flannel market to-day, but the demand is still extremely limited, and prices are without alteration.

SKIPTON CATTLE MARKET, MONDAY, Oct. 10.—We had an excellent show of fat Cattle, but the attendance of buyers was not large. The market was heavy, and prices lower. Beef, 4½d. to 5½d.; Mutton and Lamb, 4d. to 5d. per lb.

LEEDS:—Printed for the Proprietor FEARGUS O'CONNOR, Esq. of Hammersmith, County Middlesex, by JOSHUA HOBSON, at his Printing Offices, Nos. 12 and 13, Market-street, Briggate; and Published by the said Joshua Hobson, (for the said Feargus O'Connor,) at his Dwelling-house, No. 5, Market-street, Briggate; an internal Communication existing between the said No. 5, Market-street, and the said Nos. 12 and 13, Market-street, Briggate, thus constituting the whole of the said Printing and Publishing Office one Premises.

All Communications must be addressed, (Post-paid) to HOBSON, Northern Star Office, Leeds.

Saturday, October 15, 1842.
